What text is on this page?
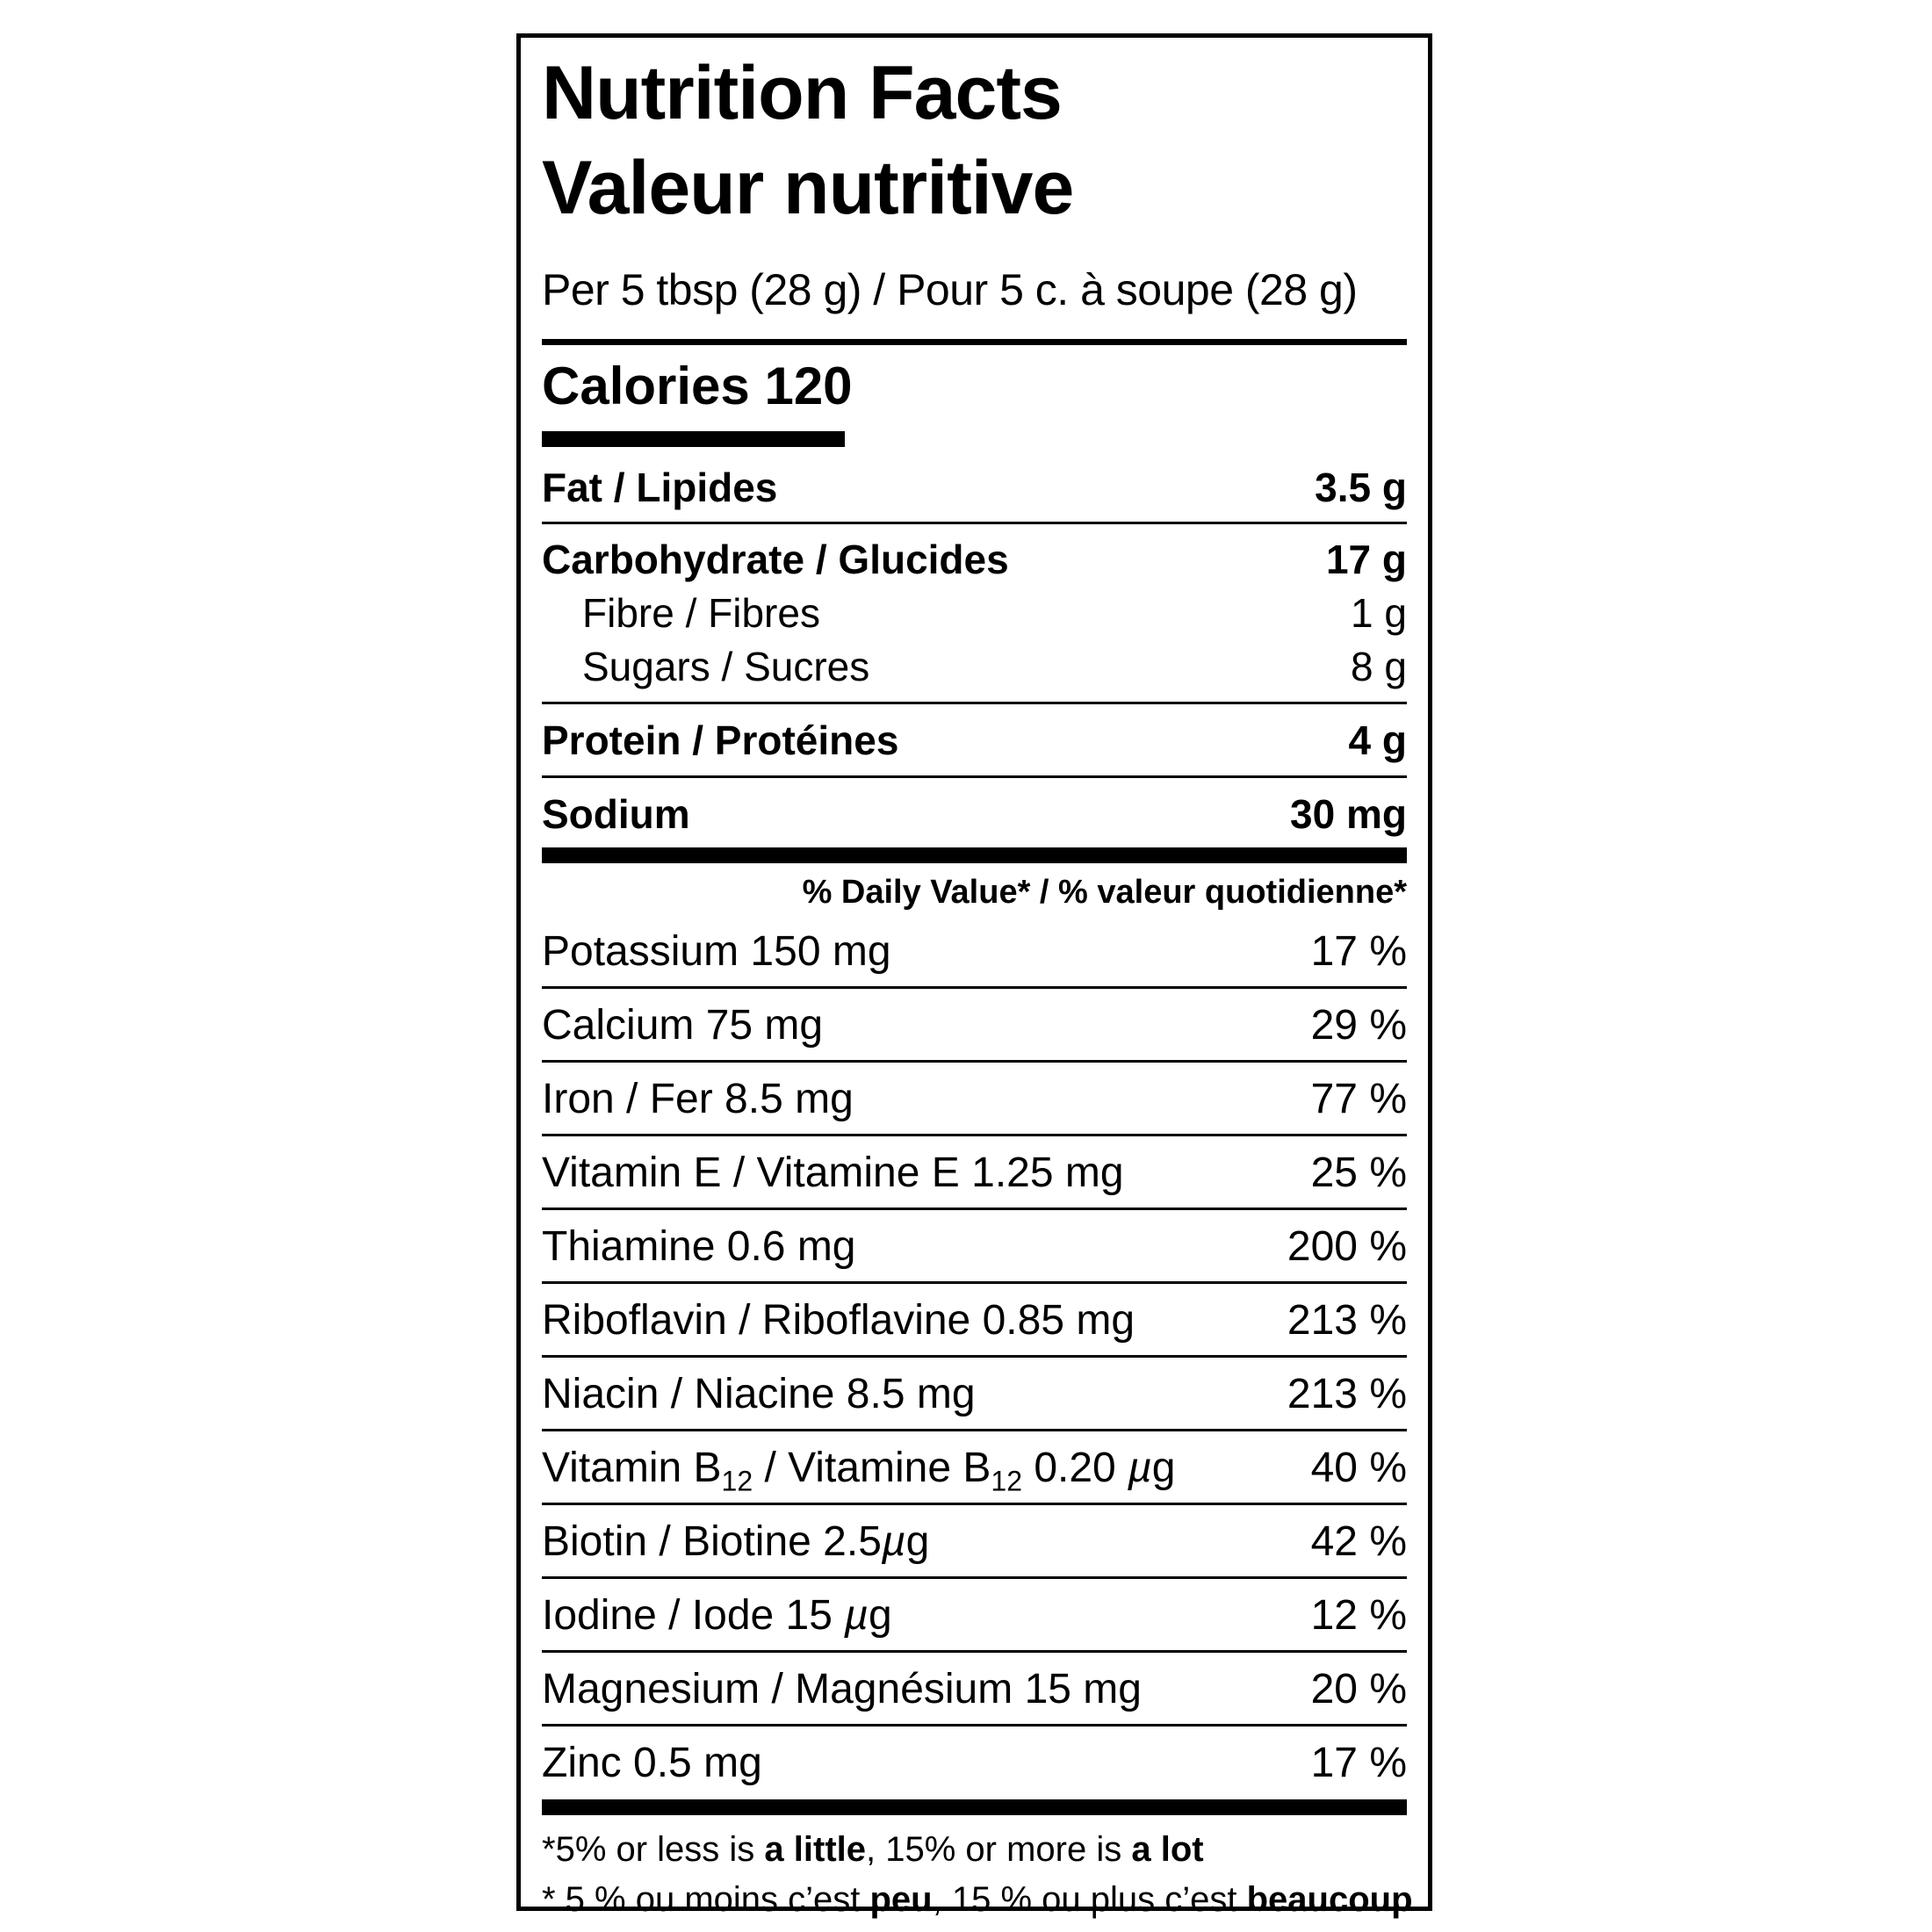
Nutrition Facts
Valeur nutritive
Per 5 tbsp (28 g) / Pour 5 c. à soupe (28 g)
Calories 120
Fat / Lipides	3.5 g
Carbohydrate / Glucides	17 g
Fibre / Fibres	1 g
Sugars / Sucres	8 g
Protein / Protéines	4 g
Sodium	30 mg
% Daily Value* / % valeur quotidienne*
Potassium 150 mg	17 %
Calcium 75 mg	29 %
Iron / Fer 8.5 mg	77 %
Vitamin E / Vitamine E 1.25 mg	25 %
Thiamine 0.6 mg	200 %
Riboflavin / Riboflavine 0.85 mg	213 %
Niacin / Niacine 8.5 mg	213 %
Vitamin $B_{12}$ / Vitamine $B_{12}$ 0.20 µg	40 %
Biotin / Biotine 2.5µg	42 %
Iodine / Iode 15 µg	12 %
Magnesium / Magnésium 15 mg	20 %
Zinc 0.5 mg	17 %
*5% or less is a little, 15% or more is a lot
* 5 % ou moins c’est peu, 15 % ou plus c’est beaucoup
